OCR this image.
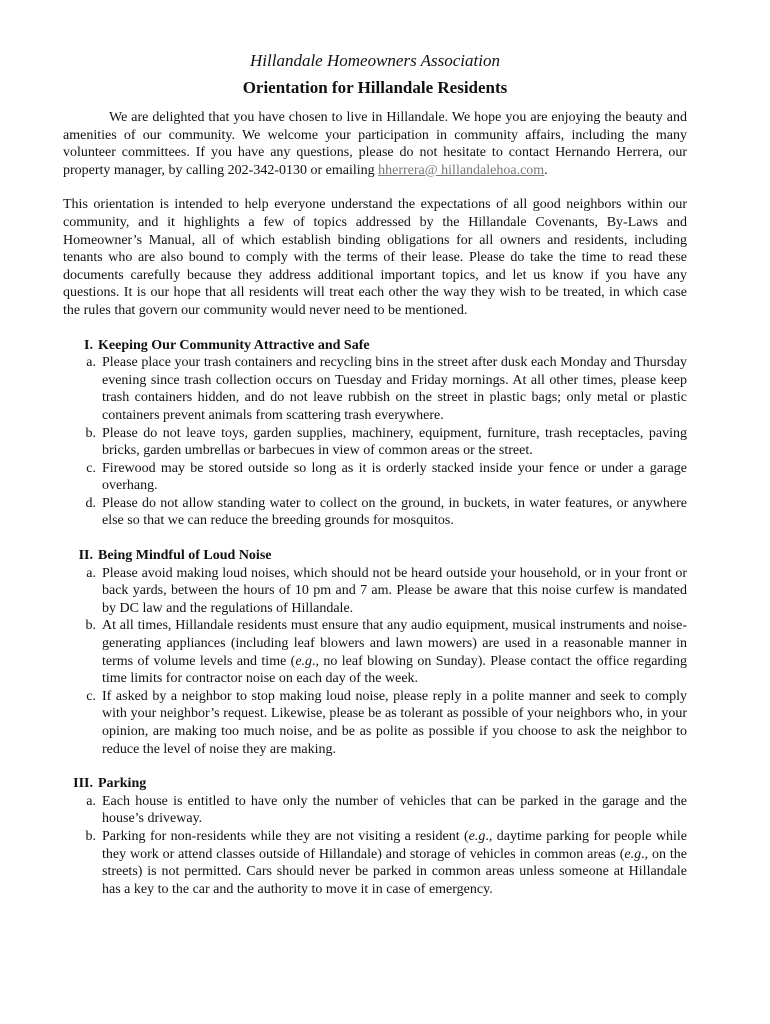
Hillandale Homeowners Association
Orientation for Hillandale Residents

We are delighted that you have chosen to live in Hillandale. We hope you are enjoying the beauty and amenities of our community. We welcome your participation in community affairs, including the many volunteer committees. If you have any questions, please do not hesitate to contact Hernando Herrera, our property manager, by calling 202-342-0130 or emailing hherrera@ hillandalehoa.com.

This orientation is intended to help everyone understand the expectations of all good neighbors within our community, and it highlights a few of topics addressed by the Hillandale Covenants, By-Laws and Homeowner’s Manual, all of which establish binding obligations for all owners and residents, including tenants who are also bound to comply with the terms of their lease. Please do take the time to read these documents carefully because they address additional important topics, and let us know if you have any questions. It is our hope that all residents will treat each other the way they wish to be treated, in which case the rules that govern our community would never need to be mentioned.

I. Keeping Our Community Attractive and Safe
a. Please place your trash containers and recycling bins in the street after dusk each Monday and Thursday evening since trash collection occurs on Tuesday and Friday mornings. At all other times, please keep trash containers hidden, and do not leave rubbish on the street in plastic bags; only metal or plastic containers prevent animals from scattering trash everywhere.
b. Please do not leave toys, garden supplies, machinery, equipment, furniture, trash receptacles, paving bricks, garden umbrellas or barbecues in view of common areas or the street.
c. Firewood may be stored outside so long as it is orderly stacked inside your fence or under a garage overhang.
d. Please do not allow standing water to collect on the ground, in buckets, in water features, or anywhere else so that we can reduce the breeding grounds for mosquitos.
II. Being Mindful of Loud Noise
a. Please avoid making loud noises, which should not be heard outside your household, or in your front or back yards, between the hours of 10 pm and 7 am. Please be aware that this noise curfew is mandated by DC law and the regulations of Hillandale.
b. At all times, Hillandale residents must ensure that any audio equipment, musical instruments and noise-generating appliances (including leaf blowers and lawn mowers) are used in a reasonable manner in terms of volume levels and time (e.g., no leaf blowing on Sunday). Please contact the office regarding time limits for contractor noise on each day of the week.
c. If asked by a neighbor to stop making loud noise, please reply in a polite manner and seek to comply with your neighbor’s request. Likewise, please be as tolerant as possible of your neighbors who, in your opinion, are making too much noise, and be as polite as possible if you choose to ask the neighbor to reduce the level of noise they are making.
III. Parking
a. Each house is entitled to have only the number of vehicles that can be parked in the garage and the house’s driveway.
b. Parking for non-residents while they are not visiting a resident (e.g., daytime parking for people while they work or attend classes outside of Hillandale) and storage of vehicles in common areas (e.g., on the streets) is not permitted. Cars should never be parked in common areas unless someone at Hillandale has a key to the car and the authority to move it in case of emergency.
